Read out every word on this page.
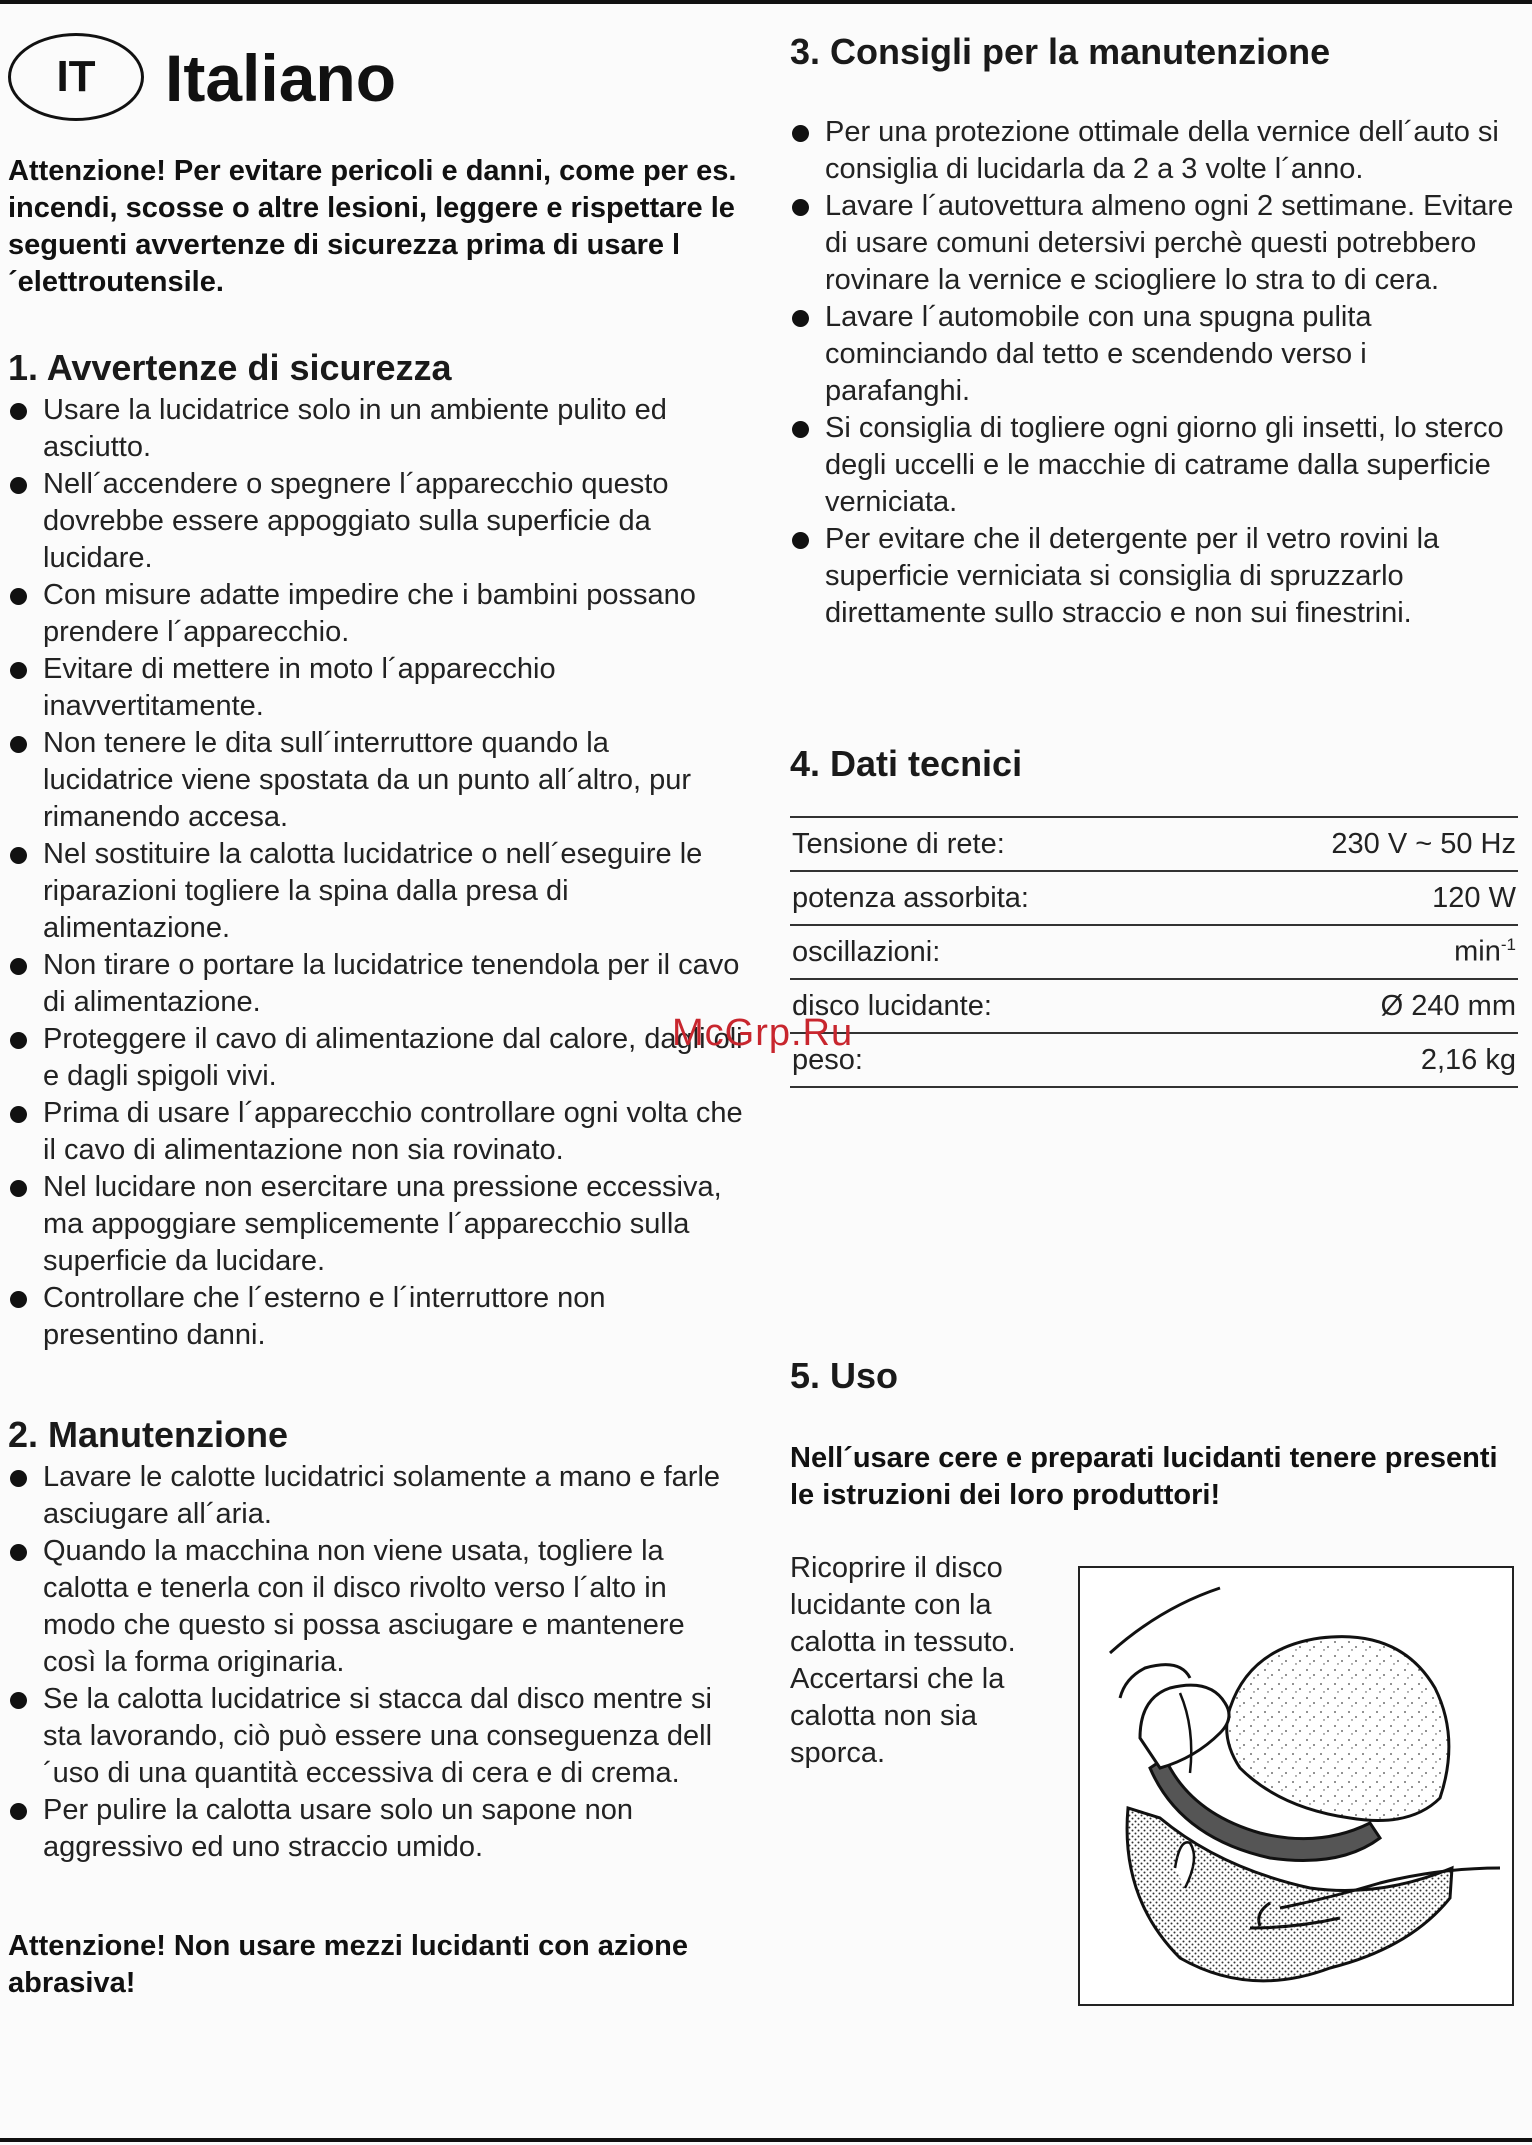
IT Italiano
Attenzione! Per evitare pericoli e danni, come per es. incendi, scosse o altre lesioni, leggere e rispettare le seguenti avvertenze di sicurezza prima di usare l´elettroutensile.
1. Avvertenze di sicurezza
Usare la lucidatrice solo in un ambiente pulito ed asciutto.
Nell´accendere o spegnere l´apparecchio questo dovrebbe essere appoggiato sulla superficie da lucidare.
Con misure adatte impedire che i bambini possano prendere l´apparecchio.
Evitare di mettere in moto l´apparecchio inavvertitamente.
Non tenere le dita sull´interruttore quando la lucidatrice viene spostata da un punto all´altro, pur rimanendo accesa.
Nel sostituire la calotta lucidatrice o nell´eseguire le riparazioni togliere la spina dalla presa di alimentazione.
Non tirare o portare la lucidatrice tenendola per il cavo di alimentazione.
Proteggere il cavo di alimentazione dal calore, dagli oli e dagli spigoli vivi.
Prima di usare l´apparecchio controllare ogni volta che il cavo di alimentazione non sia rovinato.
Nel lucidare non esercitare una pressione eccessiva, ma appoggiare semplicemente l´apparecchio sulla superficie da lucidare.
Controllare che l´esterno e l´interruttore non presentino danni.
2. Manutenzione
Lavare le calotte lucidatrici solamente a mano e farle asciugare all´aria.
Quando la macchina non viene usata, togliere la calotta e tenerla con il disco rivolto verso l´alto in modo che questo si possa asciugare e mantenere così la forma originaria.
Se la calotta lucidatrice si stacca dal disco mentre si sta lavorando, ciò può essere una conseguenza dell´uso di una quantità eccessiva di cera e di crema.
Per pulire la calotta usare solo un sapone non aggressivo ed uno straccio umido.
Attenzione! Non usare mezzi lucidanti con azione abrasiva!
3. Consigli per la manutenzione
Per una protezione ottimale della vernice dell´auto si consiglia di lucidarla da 2 a 3 volte l´anno.
Lavare l´autovettura almeno ogni 2 settimane. Evitare di usare comuni detersivi perchè questi potrebbero rovinare la vernice e sciogliere lo stra to di cera.
Lavare l´automobile con una spugna pulita cominciando dal tetto e scendendo verso i parafanghi.
Si consiglia di togliere ogni giorno gli insetti, lo sterco degli uccelli e le macchie di catrame dalla superficie verniciata.
Per evitare che il detergente per il vetro rovini la superficie verniciata si consiglia di spruzzarlo direttamente sullo straccio e non sui finestrini.
4. Dati tecnici
Tensione di rete:	230 V ~ 50 Hz
potenza assorbita:	120 W
oscillazioni:	$\min^{-1}$
disco lucidante:	Ø 240 mm
peso:	2,16 kg
5. Uso
Nell´usare cere e preparati lucidanti tenere presenti le istruzioni dei loro produttori!
Ricoprire il disco lucidante con la calotta in tessuto. Accertarsi che la calotta non sia sporca.
McGrp.Ru
